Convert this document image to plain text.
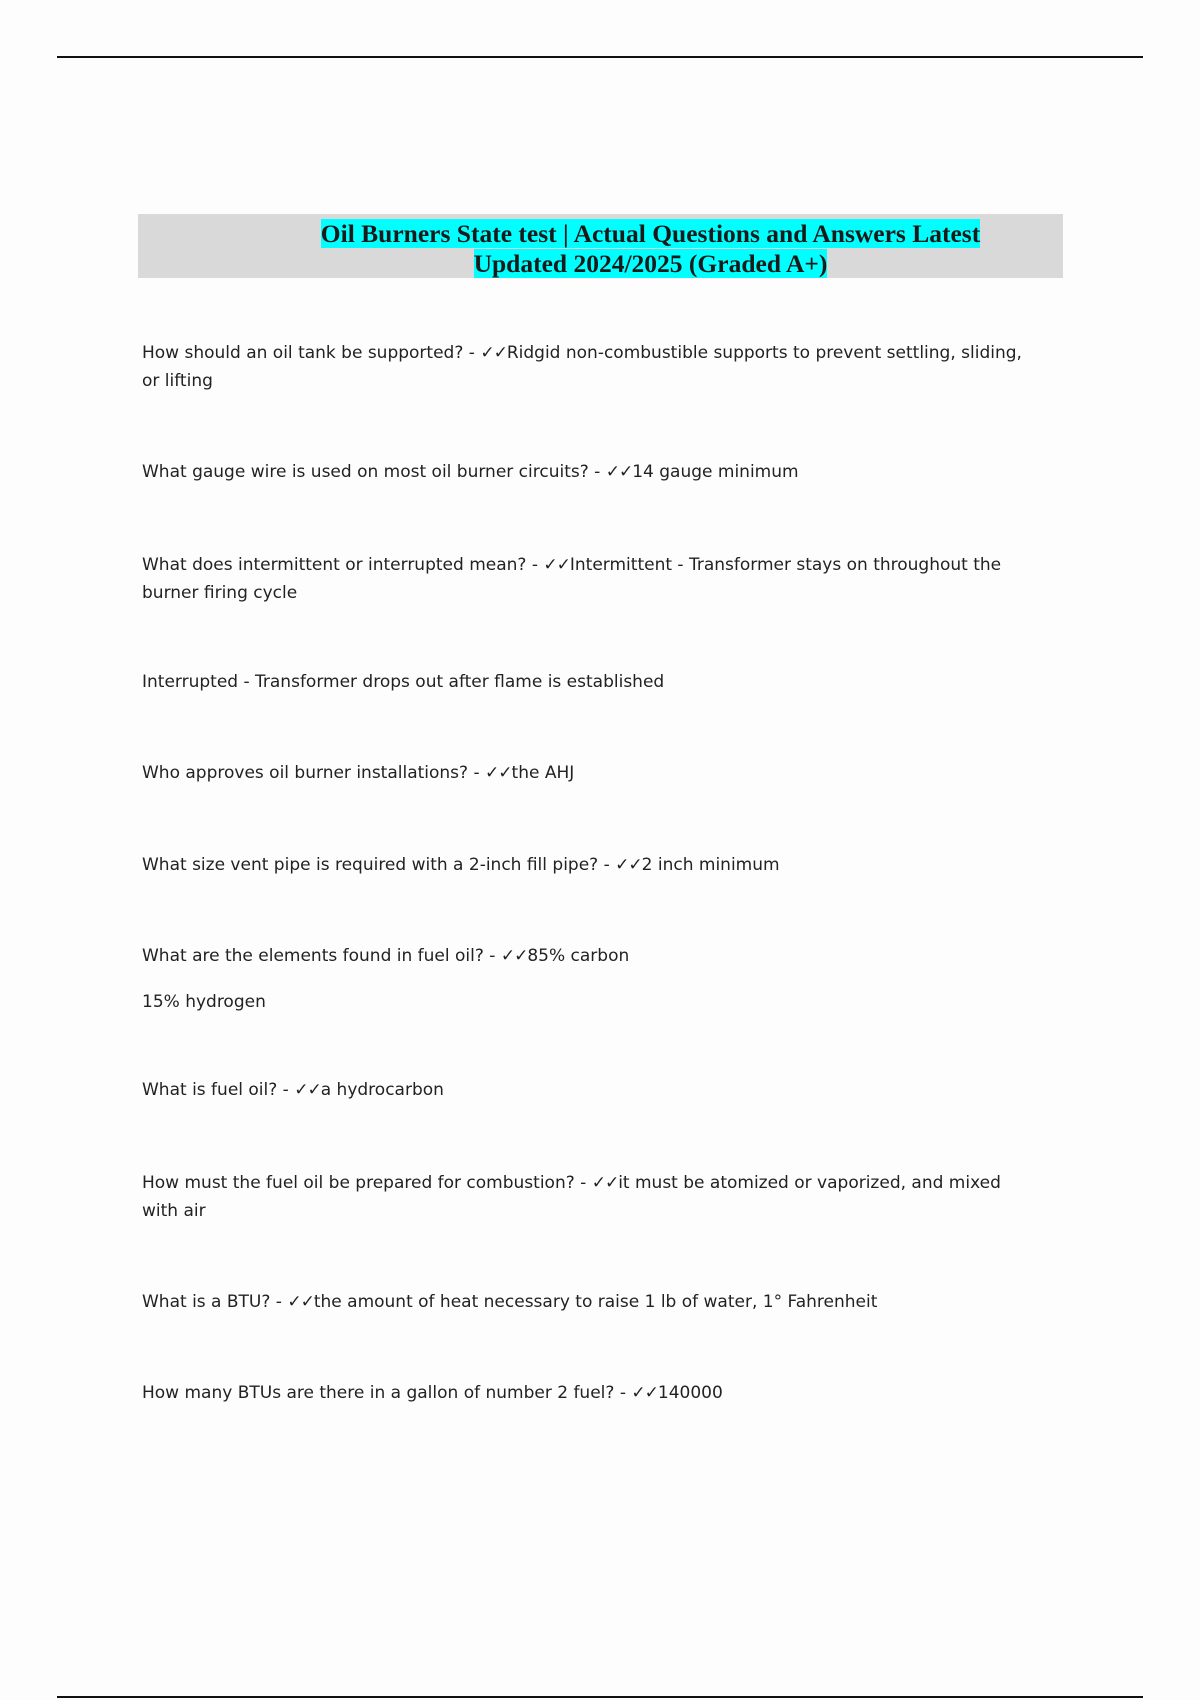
Oil Burners State test | Actual Questions and Answers Latest
Updated 2024/2025 (Graded A+)
How should an oil tank be supported? - ✓✓Ridgid non-combustible supports to prevent settling, sliding, or lifting
What gauge wire is used on most oil burner circuits? - ✓✓14 gauge minimum
What does intermittent or interrupted mean? - ✓✓Intermittent - Transformer stays on throughout the burner firing cycle
Interrupted - Transformer drops out after flame is established
Who approves oil burner installations? - ✓✓the AHJ
What size vent pipe is required with a 2-inch fill pipe? - ✓✓2 inch minimum
What are the elements found in fuel oil? - ✓✓85% carbon
15% hydrogen
What is fuel oil? - ✓✓a hydrocarbon
How must the fuel oil be prepared for combustion? - ✓✓it must be atomized or vaporized, and mixed with air
What is a BTU? - ✓✓the amount of heat necessary to raise 1 lb of water, 1° Fahrenheit
How many BTUs are there in a gallon of number 2 fuel? - ✓✓140000
